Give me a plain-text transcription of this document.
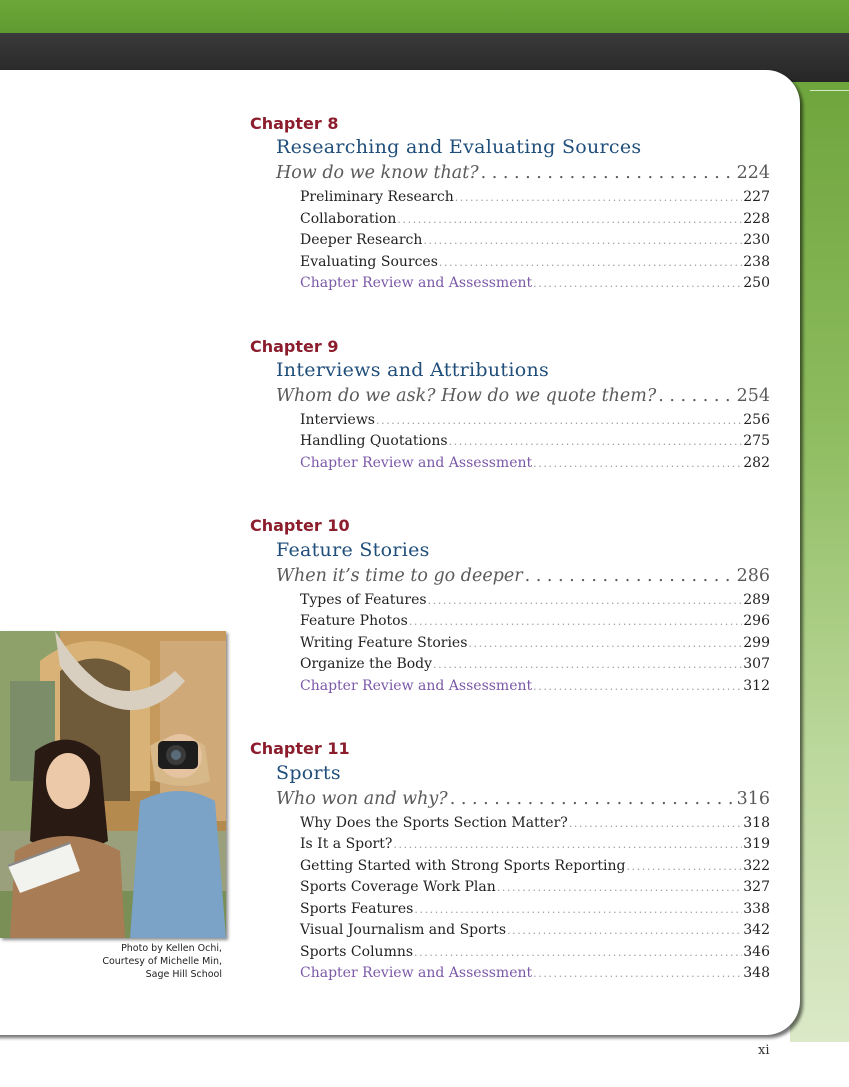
Chapter 8
Researching and Evaluating Sources
How do we know that? . . .	224
Preliminary Research .....	227
Collaboration .....	228
Deeper Research .....	230
Evaluating Sources .....	238
Chapter Review and Assessment .....	250
Chapter 9
Interviews and Attributions
Whom do we ask? How do we quote them? . . .	254
Interviews .....	256
Handling Quotations .....	275
Chapter Review and Assessment .....	282
Chapter 10
Feature Stories
When it’s time to go deeper . . .	286
Types of Features .....	289
Feature Photos .....	296
Writing Feature Stories .....	299
Organize the Body .....	307
Chapter Review and Assessment .....	312
Chapter 11
Sports
Who won and why? . . .	316
Why Does the Sports Section Matter? .....	318
Is It a Sport? .....	319
Getting Started with Strong Sports Reporting .....	322
Sports Coverage Work Plan .....	327
Sports Features .....	338
Visual Journalism and Sports .....	342
Sports Columns .....	346
Chapter Review and Assessment .....	348
Photo by Kellen Ochi,
Courtesy of Michelle Min,
Sage Hill School
xi
